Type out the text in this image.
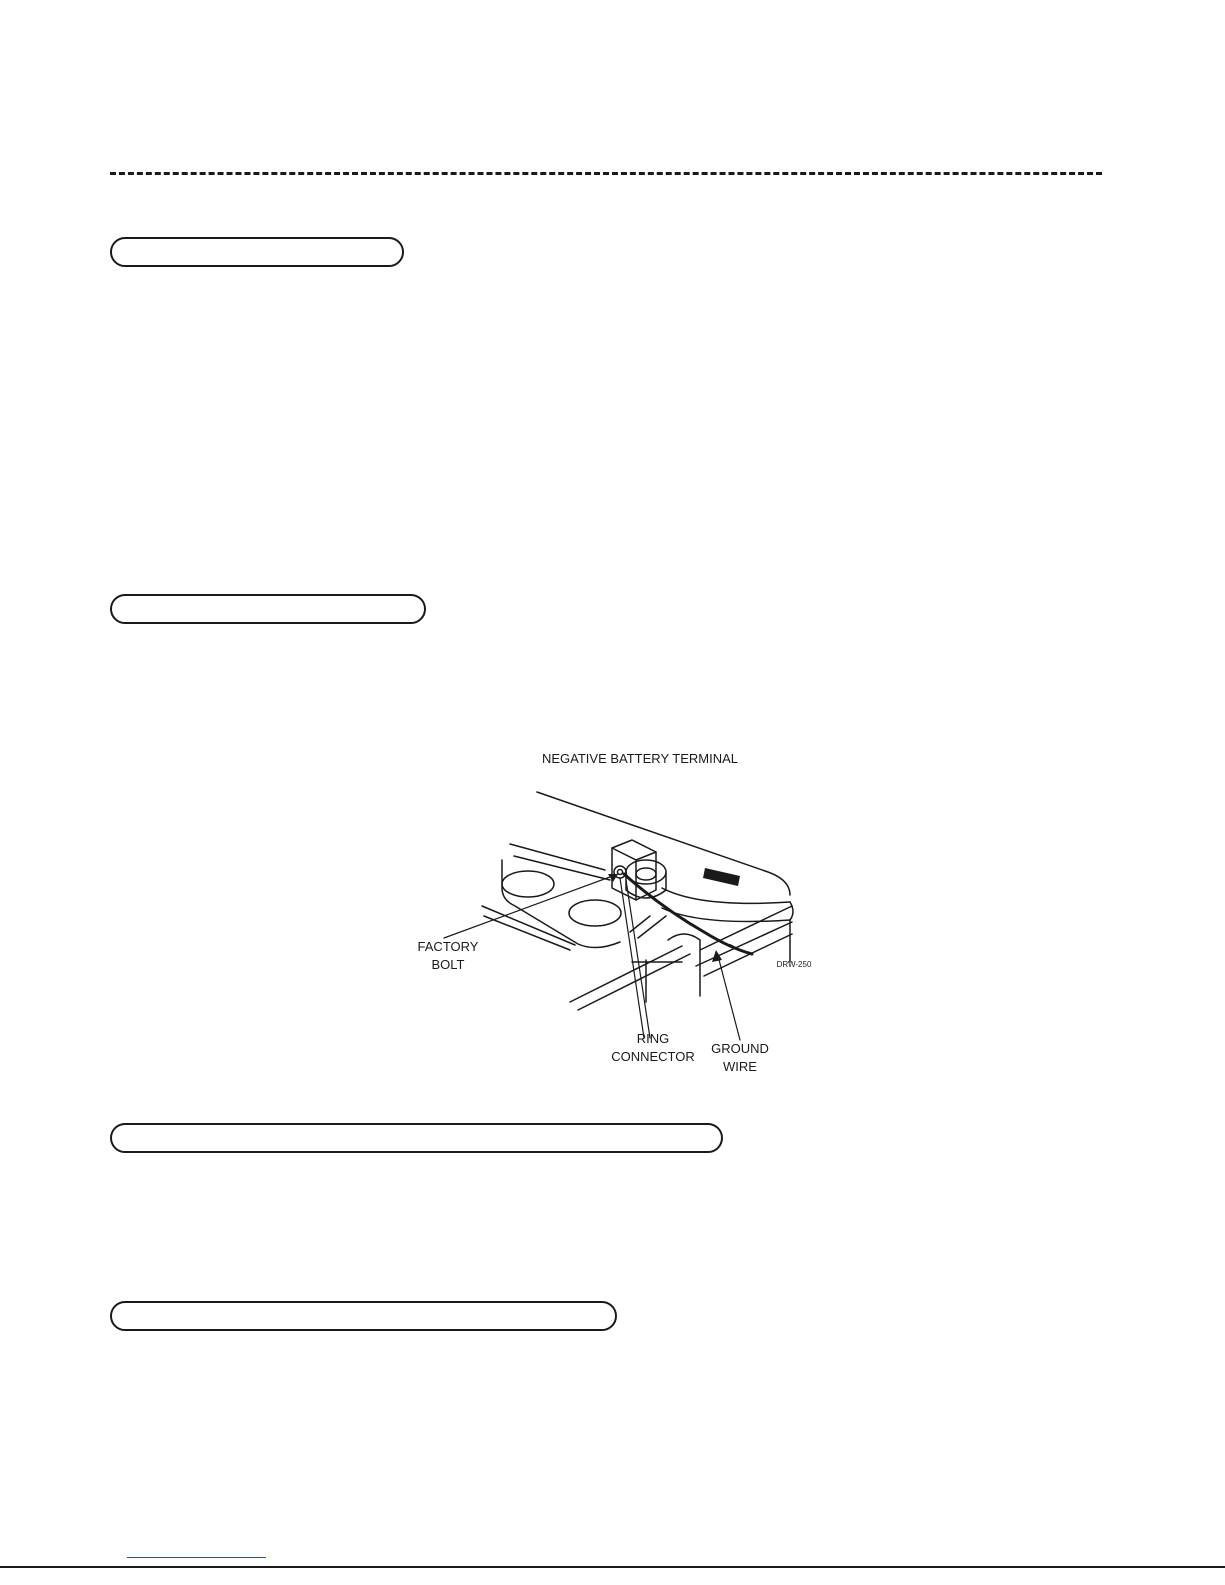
NEGATIVE BATTERY TERMINAL
FACTORY
BOLT
RING
CONNECTOR
GROUND
WIRE
DRW-250
